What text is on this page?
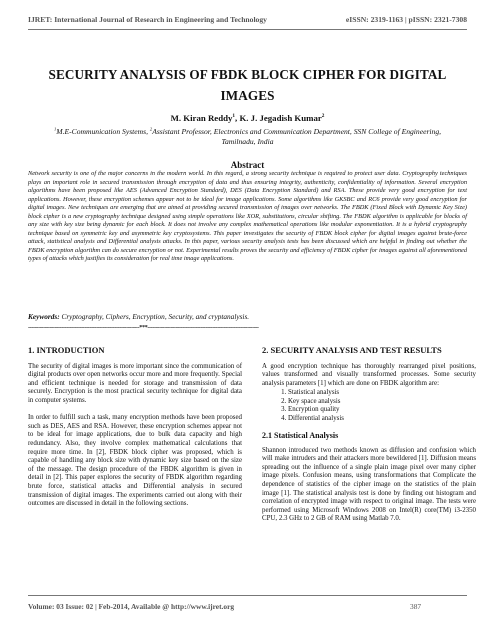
IJRET: International Journal of Research in Engineering and Technology	eISSN: 2319-1163 | pISSN: 2321-7308
SECURITY ANALYSIS OF FBDK BLOCK CIPHER FOR DIGITAL IMAGES
M. Kiran Reddy$^1$, K. J. Jegadish Kumar$^2$
$^1$M.E-Communication Systems, $^2$Assistant Professor, Electronics and Communication Department, SSN College of Engineering, Tamilnadu, India
Abstract
Network security is one of the major concerns in the modern world. In this regard, a strong security technique is required to protect user data. Cryptography techniques plays an important role in secured transmission through encryption of data and thus ensuring integrity, authenticity, confidentiality of information. Several encryption algorithms have been proposed like AES (Advanced Encryption Standard), DES (Data Encryption Standard) and RSA. These provide very good encryption for text applications. However, these encryption schemes appear not to be ideal for image applications. Some algorithms like GKSBC and RC6 provide very good encryption for digital images. New techniques are emerging that are aimed at providing secured transmission of images over networks. The FBDK (Fixed Block with Dynamic Key Size) block cipher is a new cryptography technique designed using simple operations like XOR, substitutions, circular shifting. The FBDK algorithm is applicable for blocks of any size with key size being dynamic for each block. It does not involve any complex mathematical operations like modular exponentiation. It is a hybrid cryptography technique based on symmetric key and asymmetric key cryptosystems. This paper investigates the security of FBDK block cipher for digital images against brute-force attack, statistical analysis and Differential analysis attacks. In this paper, various security analysis tests has been discussed which are helpful in finding out whether the FBDK encryption algorithm can do secure encryption or not. Experimental results proves the security and efficiency of FBDK cipher for images against all aforementioned types of attacks which justifies its consideration for real time image applications.
Keywords: Cryptography, Ciphers, Encryption, Security, and cryptanalysis.
-------------------------------------------------------------------***-------------------------------------------------------------------
1. INTRODUCTION

The security of digital images is more important since the communication of digital products over open networks occur more and more frequently. Special and efficient technique is needed for storage and transmission of data securely. Encryption is the most practical security technique for digital data in computer systems.

In order to fulfill such a task, many encryption methods have been proposed such as DES, AES and RSA. However, these encryption schemes appear not to be ideal for image applications, due to bulk data capacity and high redundancy. Also, they involve complex mathematical calculations that require more time. In [2], FBDK block cipher was proposed, which is capable of handling any block size with dynamic key size based on the size of the message. The design procedure of the FBDK algorithm is given in detail in [2]. This paper explores the security of FBDK algorithm regarding brute force, statistical attacks and Differential analysis in secured transmission of digital images. The experiments carried out along with their outcomes are discussed in detail in the following sections.

2. SECURITY ANALYSIS AND TEST RESULTS

A good encryption technique has thoroughly rearranged pixel positions, values transformed and visually transformed processes. Some security analysis parameters [1] which are done on FBDK algorithm are:

1. Statistical analysis
2. Key space analysis
3. Encryption quality
4. Differential analysis
2.1 Statistical Analysis

Shannon introduced two methods known as diffusion and confusion which will make intruders and their attackers more bewildered [1]. Diffusion means spreading out the influence of a single plain image pixel over many cipher image pixels. Confusion means, using transformations that Complicate the dependence of statistics of the cipher image on the statistics of the plain image [1]. The statistical analysis test is done by finding out histogram and correlation of encrypted image with respect to original image. The tests were performed using Microsoft Windows 2008 on Intel(R) core(TM) i3-2350 CPU, 2.3 GHz to 2 GB of RAM using Matlab 7.0.

Volume: 03 Issue: 02 | Feb-2014, Available @ http://www.ijret.org	387
